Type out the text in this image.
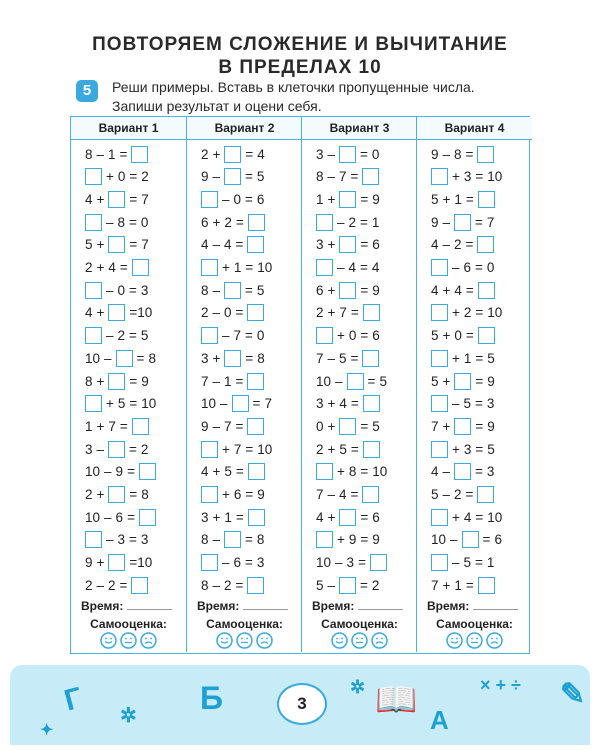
ПОВТОРЯЕМ СЛОЖЕНИЕ И ВЫЧИТАНИЕ
В ПРЕДЕЛАХ 10
5	Реши примеры. Вставь в клеточки пропущенные числа.
Запиши результат и оцени себя.
Вариант 1
8 – 1 =
+ 0 = 2
4 + = 7
– 8 = 0
5 + = 7
2 + 4 =
– 0 = 3
4 + =10
– 2 = 5
10 – = 8
8 + = 9
+ 5 = 10
1 + 7 =
3 – = 2
10 – 9 =
2 + = 8
10 – 6 =
– 3 = 3
9 + =10
2 – 2 =
Время:
Самооценка:
Вариант 2
2 + = 4
9 – = 5
– 0 = 6
6 + 2 =
4 – 4 =
+ 1 = 10
8 – = 5
2 – 0 =
– 7 = 0
3 + = 8
7 – 1 =
10 – = 7
9 – 7 =
+ 7 = 10
4 + 5 =
+ 6 = 9
3 + 1 =
8 – = 8
– 6 = 3
8 – 2 =
Время:
Самооценка:
Вариант 3
3 – = 0
8 – 7 =
1 + = 9
– 2 = 1
3 + = 6
– 4 = 4
6 + = 9
2 + 7 =
+ 0 = 6
7 – 5 =
10 – = 5
3 + 4 =
0 + = 5
2 + 5 =
+ 8 = 10
7 – 4 =
4 + = 6
+ 9 = 9
10 – 3 =
5 – = 2
Время:
Самооценка:
Вариант 4
9 – 8 =
+ 3 = 10
5 + 1 =
9 – = 7
4 – 2 =
– 6 = 0
4 + 4 =
+ 2 = 10
5 + 0 =
+ 1 = 5
5 + = 9
– 5 = 3
7 + = 9
+ 3 = 5
4 – = 3
5 – 2 =
+ 4 = 10
10 – = 6
– 5 = 1
7 + 1 =
Время:
Самооценка:
Г ✲ Б	✲ 📖
A
× + ÷ ✎
✦
3
